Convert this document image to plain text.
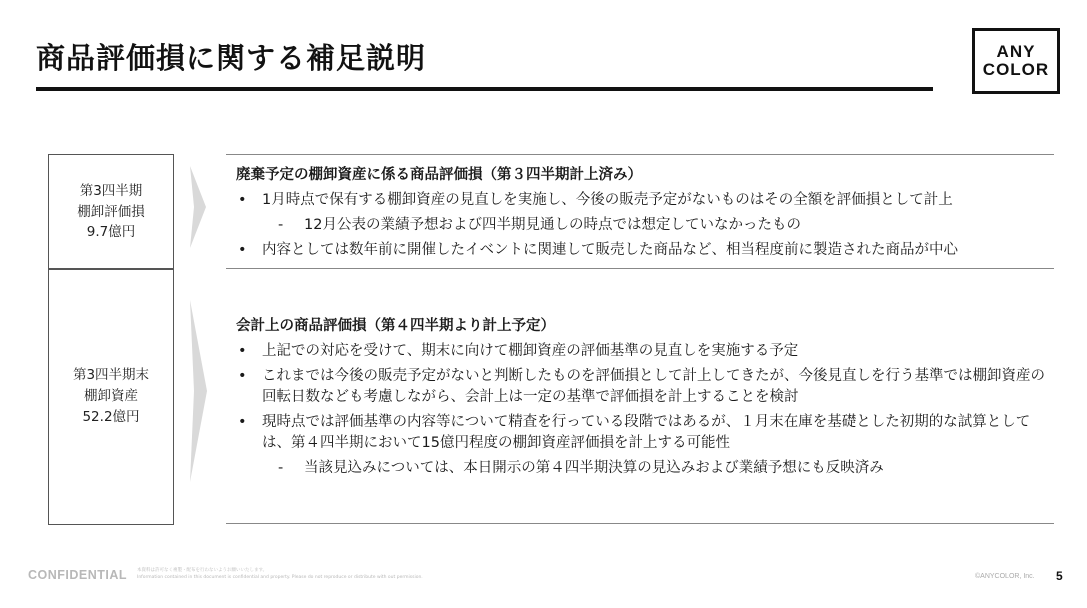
商品評価損に関する補足説明	ANY
COLOR
第3四半期
棚卸評価損
9.7億円
第3四半期末
棚卸資産
52.2億円
廃棄予定の棚卸資産に係る商品評価損（第３四半期計上済み）
• 1月時点で保有する棚卸資産の見直しを実施し、今後の販売予定がないものはその全額を評価損として計上
- 12月公表の業績予想および四半期見通しの時点では想定していなかったもの
• 内容としては数年前に開催したイベントに関連して販売した商品など、相当程度前に製造された商品が中心
会計上の商品評価損（第４四半期より計上予定）
• 上記での対応を受けて、期末に向けて棚卸資産の評価基準の見直しを実施する予定
• これまでは今後の販売予定がないと判断したものを評価損として計上してきたが、今後見直しを行う基準では棚卸資産の回転日数なども考慮しながら、会計上は一定の基準で評価損を計上することを検討
• 現時点では評価基準の内容等について精査を行っている段階ではあるが、１月末在庫を基礎とした初期的な試算としては、第４四半期において15億円程度の棚卸資産評価損を計上する可能性
- 当該見込みについては、本日開示の第４四半期決算の見込みおよび業績予想にも反映済み
CONFIDENTIAL 本資料は許可なく複製・配布を行わないようお願いいたします。
Information contained in this document is confidential and property. Please do not reproduce or distribute with out permission.	©ANYCOLOR, Inc. 5
